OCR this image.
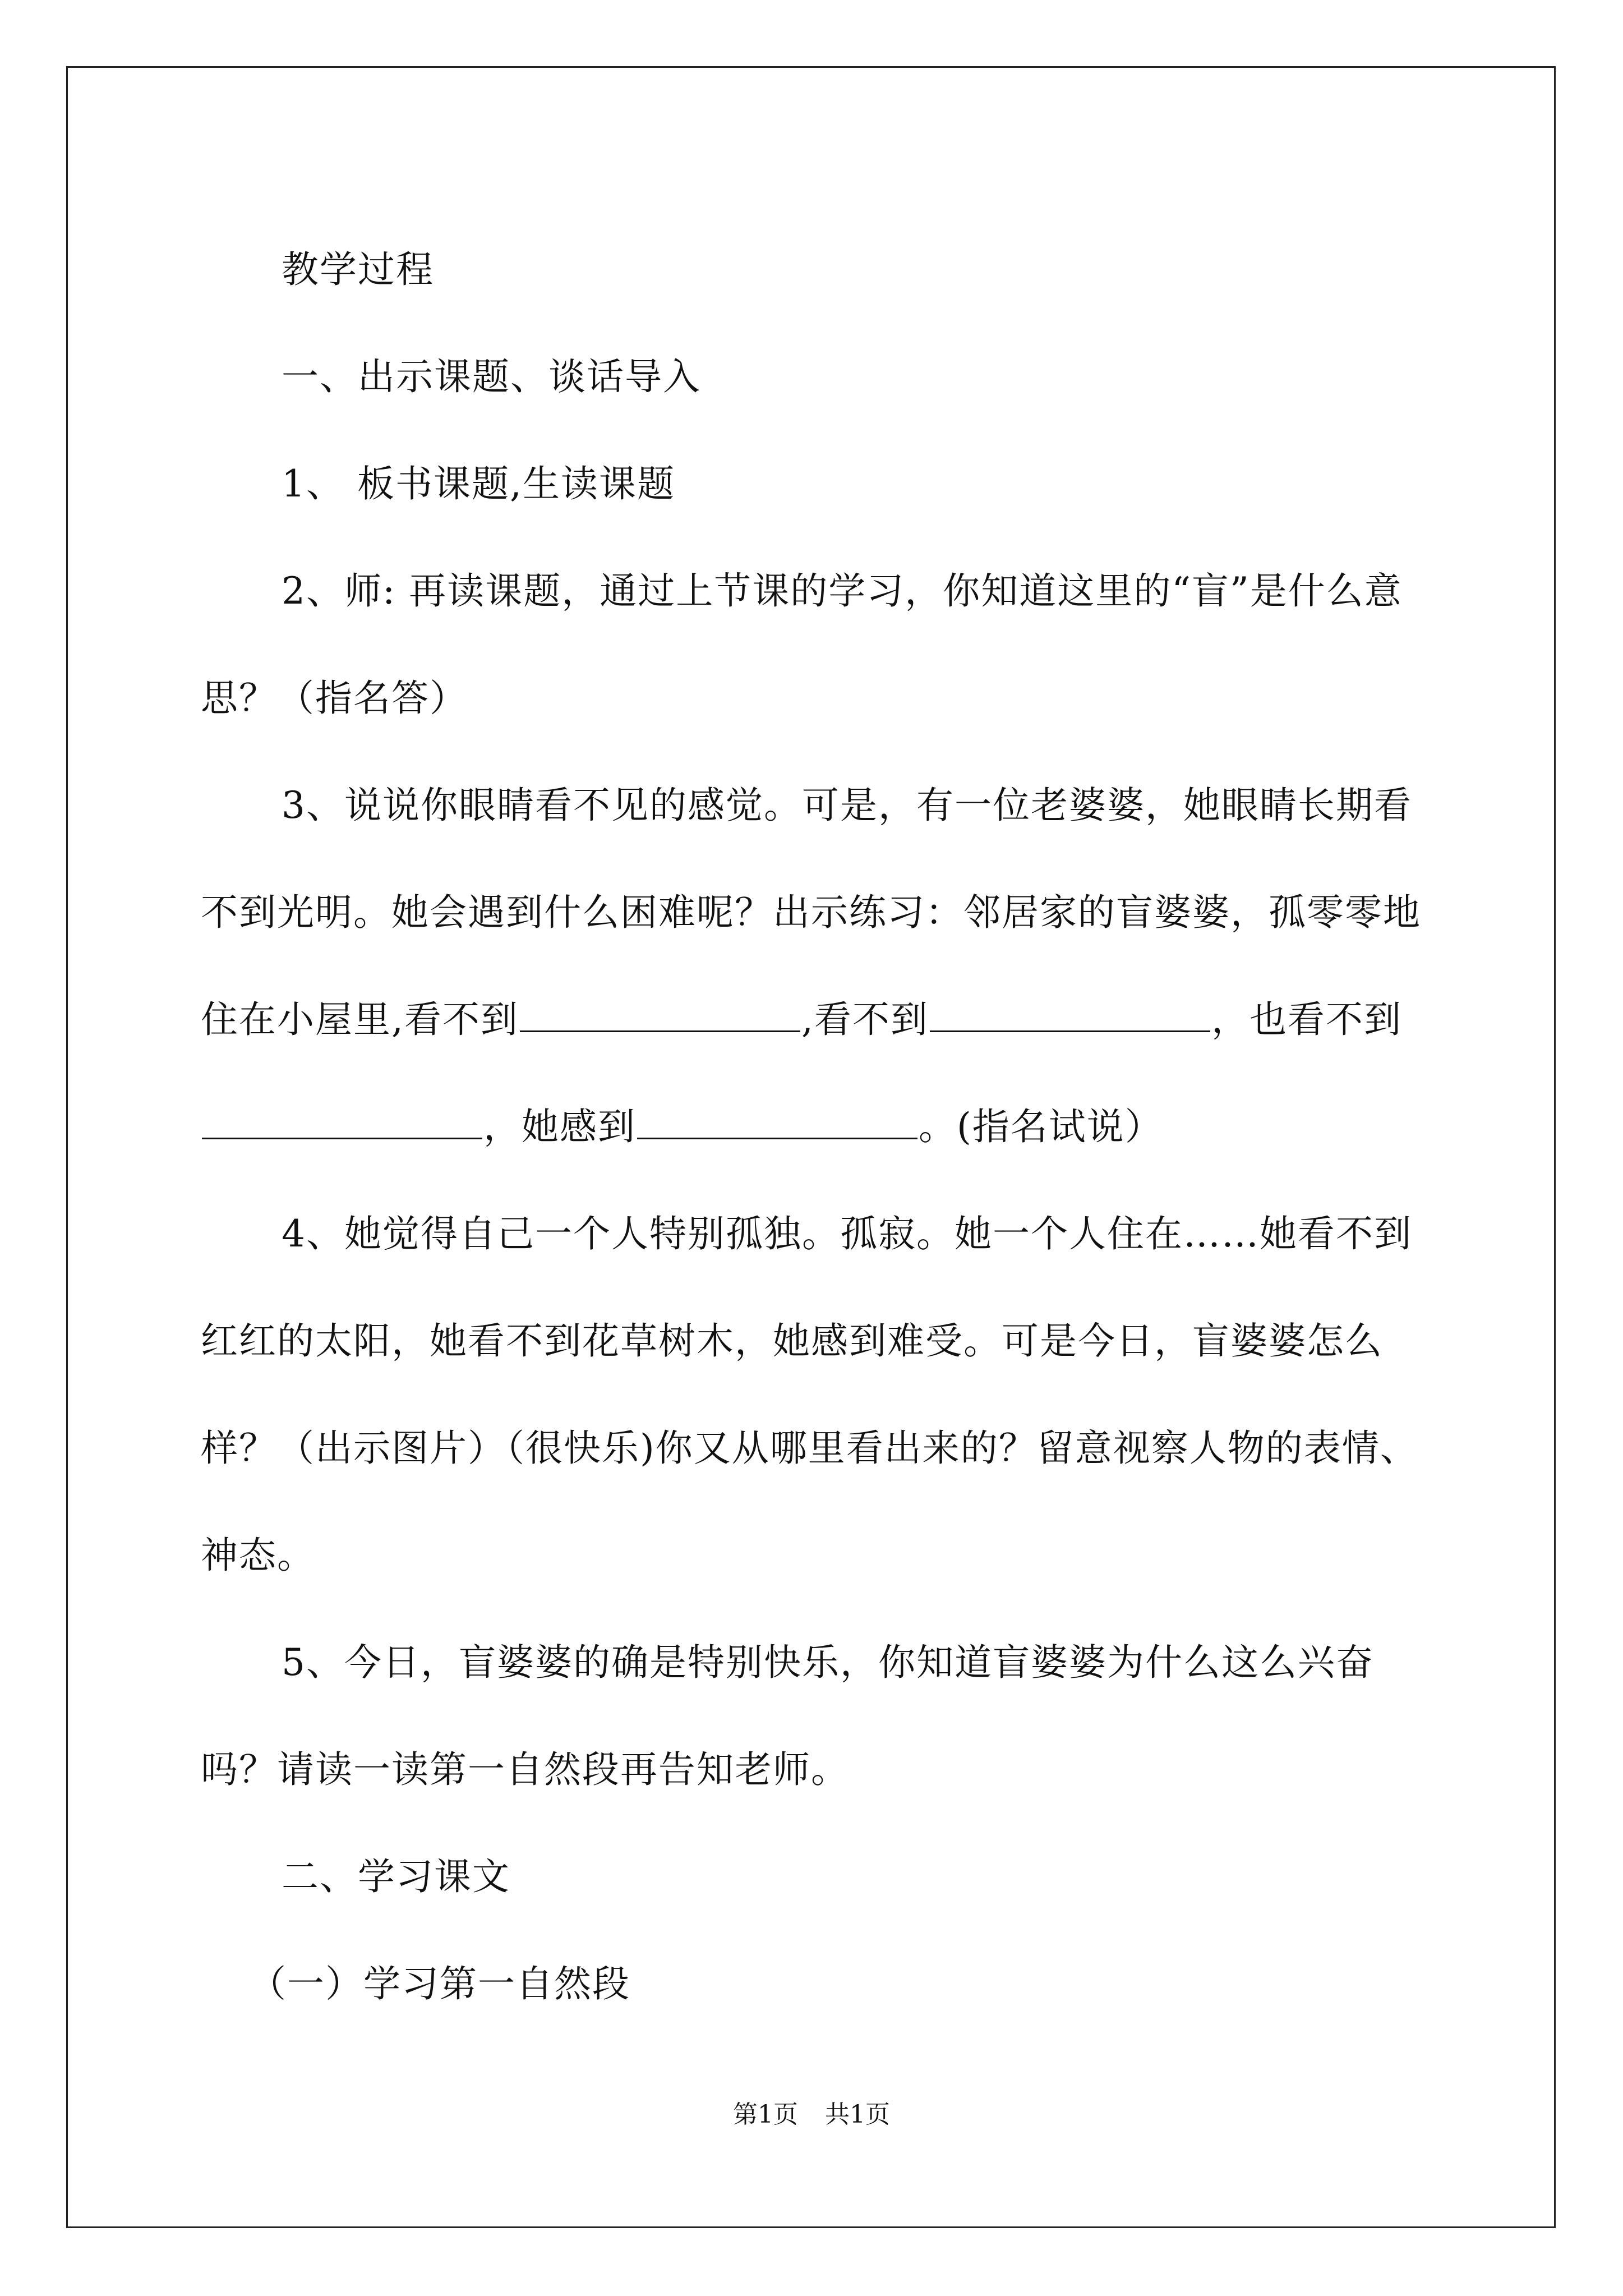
教学过程

一、出示课题、谈话导入

1、 板书课题,生读课题

2、师: 再读课题，通过上节课的学习，你知道这里的“盲”是什么意思？（指名答）

3、说说你眼睛看不见的感觉。可是，有一位老婆婆，她眼睛长期看不到光明。她会遇到什么困难呢？出示练习：邻居家的盲婆婆，孤零零地住在小屋里,看不到	,看不到	，也看不到，她感到	。(指名试说）

4、她觉得自己一个人特别孤独。孤寂。她一个人住在……她看不到红红的太阳，她看不到花草树木，她感到难受。可是今日，盲婆婆怎么样？（出示图片）（很快乐)你又从哪里看出来的？留意视察人物的表情、神态。

5、今日，盲婆婆的确是特别快乐，你知道盲婆婆为什么这么兴奋吗？请读一读第一自然段再告知老师。

二、学习课文

（一）学习第一自然段

第1页 共1页
